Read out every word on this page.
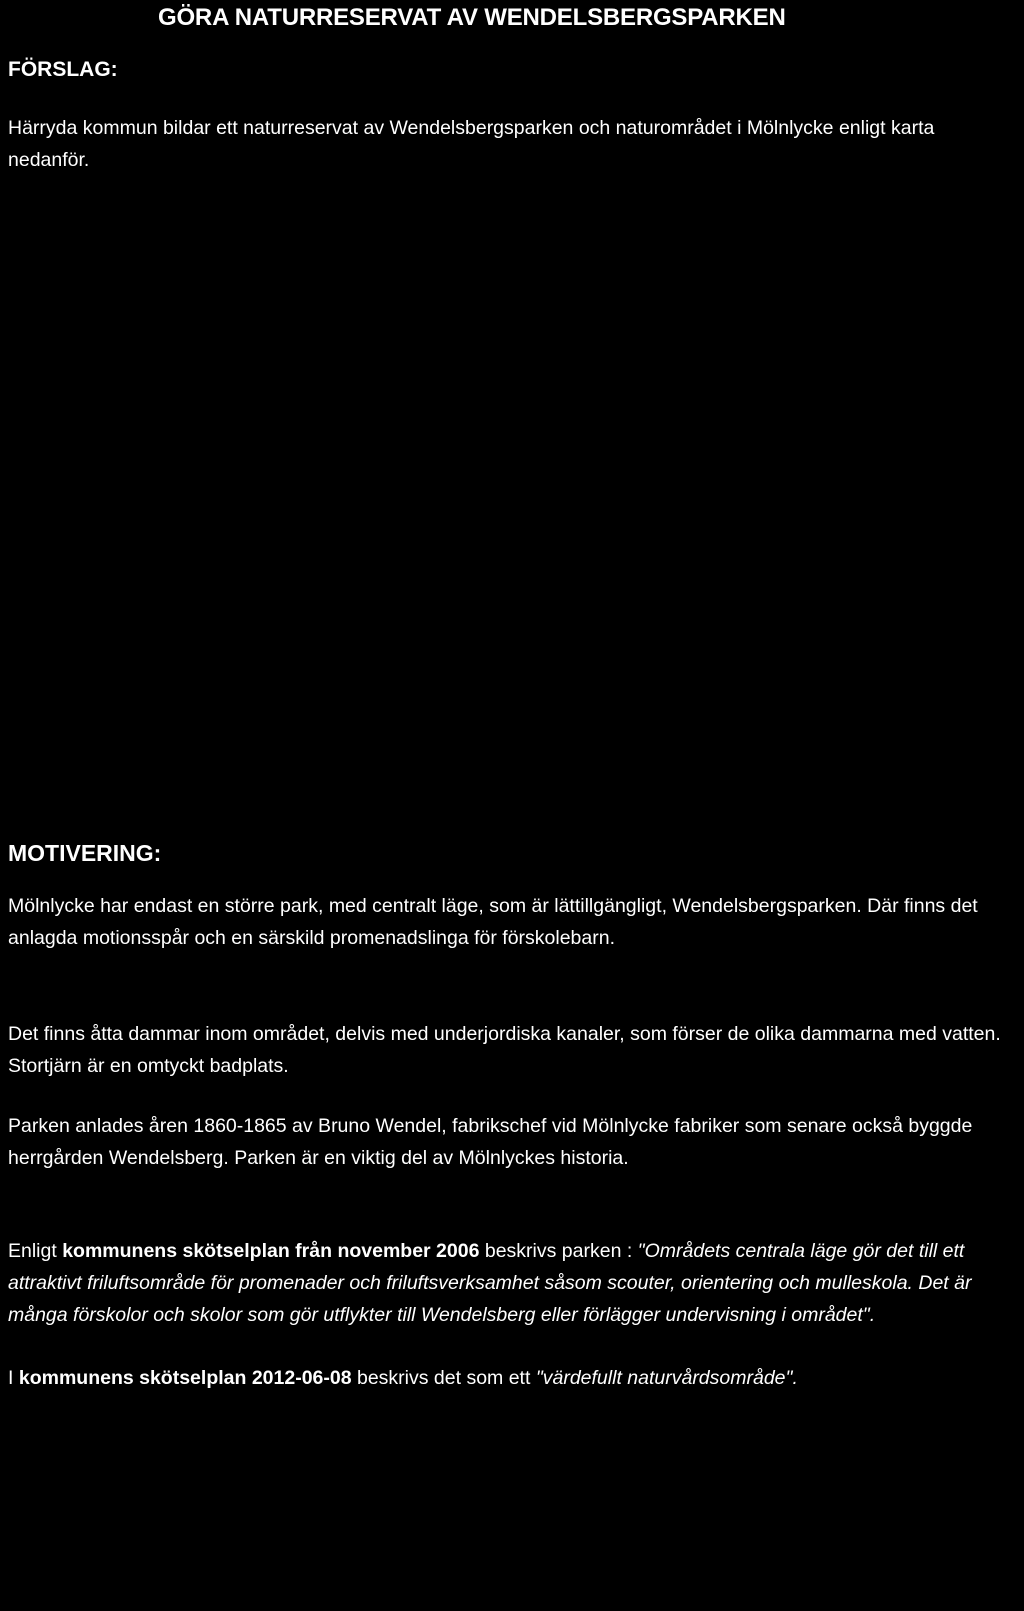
GÖRA NATURRESERVAT AV WENDELSBERGSPARKEN
FÖRSLAG:
Härryda kommun bildar ett naturreservat av Wendelsbergsparken och naturområdet i Mölnlycke enligt karta nedanför.
MOTIVERING:
Mölnlycke har endast en större park, med centralt läge, som är lättillgängligt, Wendelsbergsparken. Där finns det anlagda motionsspår och en särskild promenadslinga för förskolebarn.
Det finns åtta dammar inom området, delvis med underjordiska kanaler, som förser de olika dammarna med vatten. Stortjärn är en omtyckt badplats.
Parken anlades åren 1860-1865 av Bruno Wendel, fabrikschef vid Mölnlycke fabriker som senare också byggde herrgården Wendelsberg. Parken är en viktig del av Mölnlyckes historia.
Enligt kommunens skötselplan från november 2006 beskrivs parken : "Områdets centrala läge gör det till ett attraktivt friluftsområde för promenader och friluftsverksamhet såsom scouter, orientering och mulleskola. Det är många förskolor och skolor som gör utflykter till Wendelsberg eller förlägger undervisning i området".
I kommunens skötselplan 2012-06-08 beskrivs det som ett "värdefullt naturvårdsområde".
